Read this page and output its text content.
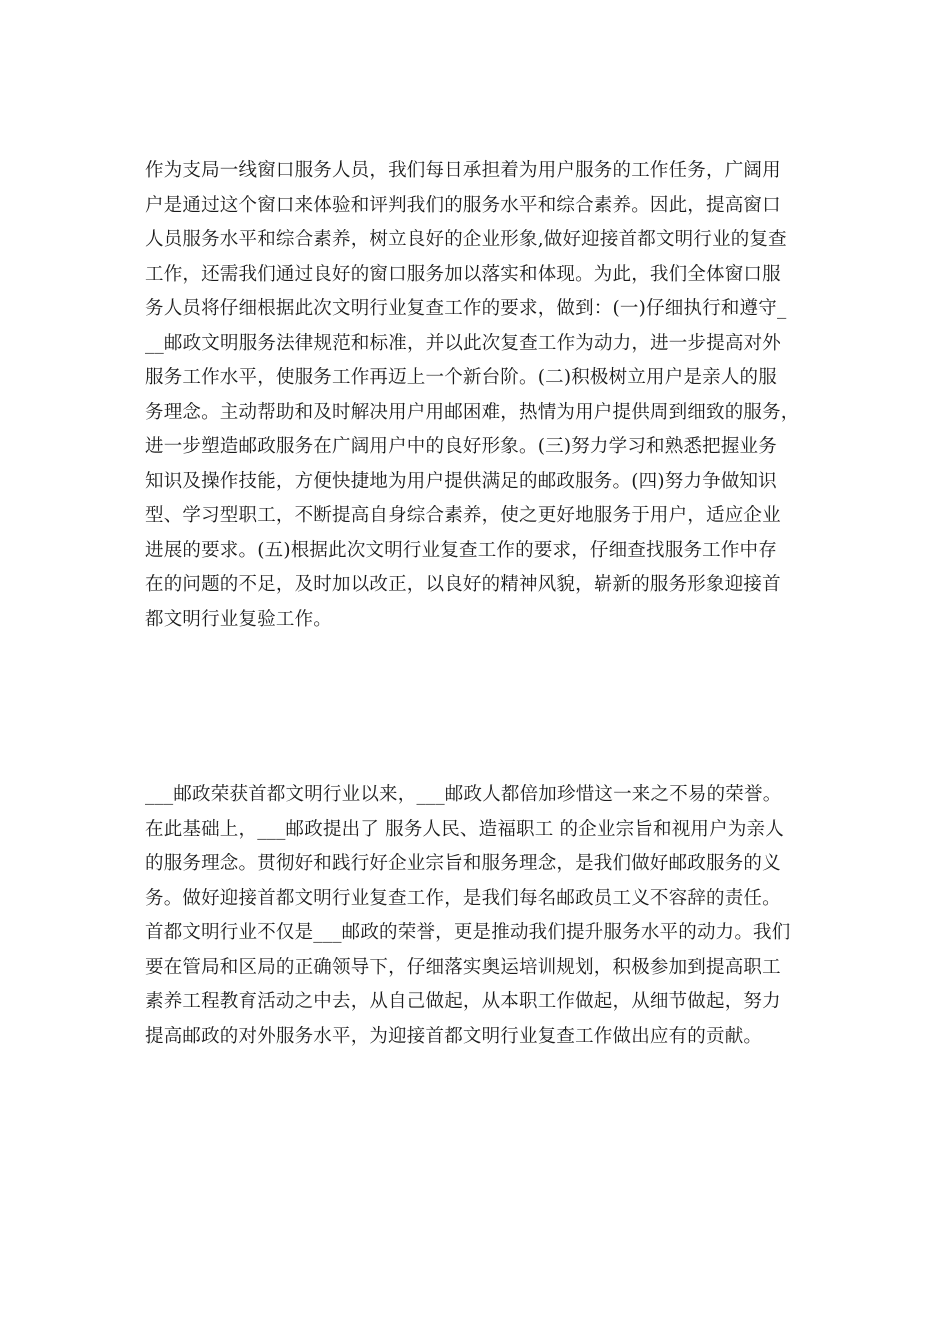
作为支局一线窗口服务人员，我们每日承担着为用户服务的工作任务，广阔用
户是通过这个窗口来体验和评判我们的服务水平和综合素养。因此，提高窗口
人员服务水平和综合素养，树立良好的企业形象,做好迎接首都文明行业的复查
工作，还需我们通过良好的窗口服务加以落实和体现。为此，我们全体窗口服
务人员将仔细根据此次文明行业复查工作的要求，做到：(一)仔细执行和遵守_
__邮政文明服务法律规范和标准，并以此次复查工作为动力，进一步提高对外
服务工作水平，使服务工作再迈上一个新台阶。(二)积极树立用户是亲人的服
务理念。主动帮助和及时解决用户用邮困难，热情为用户提供周到细致的服务，
进一步塑造邮政服务在广阔用户中的良好形象。(三)努力学习和熟悉把握业务
知识及操作技能，方便快捷地为用户提供满足的邮政服务。(四)努力争做知识
型、学习型职工，不断提高自身综合素养，使之更好地服务于用户，适应企业
进展的要求。(五)根据此次文明行业复查工作的要求，仔细查找服务工作中存
在的问题的不足，及时加以改正，以良好的精神风貌，崭新的服务形象迎接首
都文明行业复验工作。
___邮政荣获首都文明行业以来，___邮政人都倍加珍惜这一来之不易的荣誉。
在此基础上，___邮政提出了 服务人民、造福职工 的企业宗旨和视用户为亲人
的服务理念。贯彻好和践行好企业宗旨和服务理念，是我们做好邮政服务的义
务。做好迎接首都文明行业复查工作，是我们每名邮政员工义不容辞的责任。
首都文明行业不仅是___邮政的荣誉，更是推动我们提升服务水平的动力。我们
要在管局和区局的正确领导下，仔细落实奥运培训规划，积极参加到提高职工
素养工程教育活动之中去，从自己做起，从本职工作做起，从细节做起，努力
提高邮政的对外服务水平，为迎接首都文明行业复查工作做出应有的贡献。
